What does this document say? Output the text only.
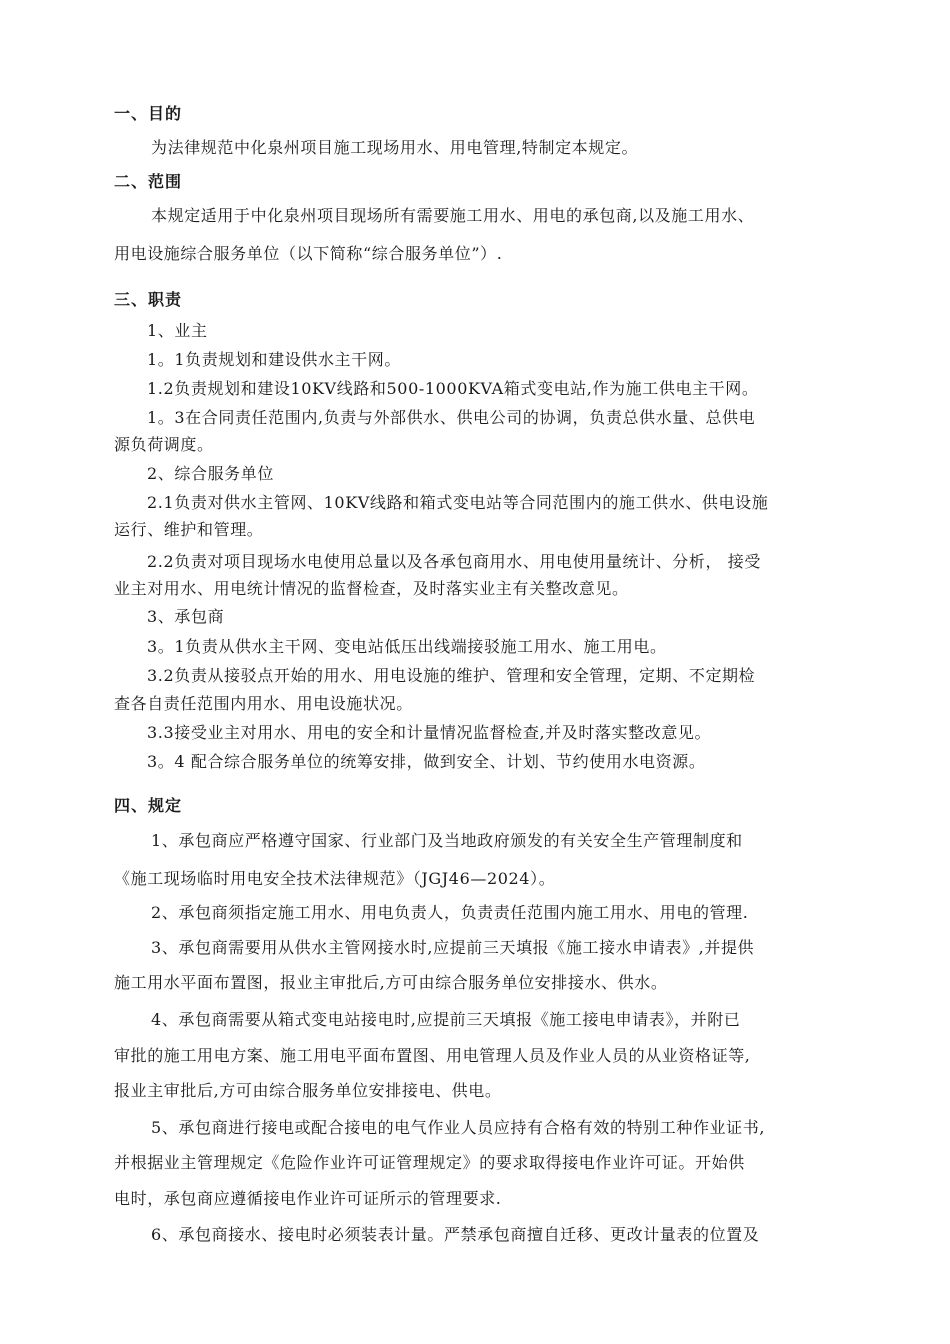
一、目的
为法律规范中化泉州项目施工现场用水、用电管理,特制定本规定。
二、范围
本规定适用于中化泉州项目现场所有需要施工用水、用电的承包商,以及施工用水、
用电设施综合服务单位（以下简称“综合服务单位”）.
三、职责
1、业主
1。1负责规划和建设供水主干网。
1.2负责规划和建设10KV线路和500-1000KVA箱式变电站,作为施工供电主干网。
1。3在合同责任范围内,负责与外部供水、供电公司的协调，负责总供水量、总供电
源负荷调度。
2、综合服务单位
2.1负责对供水主管网、10KV线路和箱式变电站等合同范围内的施工供水、供电设施
运行、维护和管理。
2.2负责对项目现场水电使用总量以及各承包商用水、用电使用量统计、分析， 接受
业主对用水、用电统计情况的监督检查，及时落实业主有关整改意见。
3、承包商
3。1负责从供水主干网、变电站低压出线端接驳施工用水、施工用电。
3.2负责从接驳点开始的用水、用电设施的维护、管理和安全管理，定期、不定期检
查各自责任范围内用水、用电设施状况。
3.3接受业主对用水、用电的安全和计量情况监督检查,并及时落实整改意见。
3。4 配合综合服务单位的统筹安排，做到安全、计划、节约使用水电资源。
四、规定
1、承包商应严格遵守国家、行业部门及当地政府颁发的有关安全生产管理制度和
《施工现场临时用电安全技术法律规范》（JGJ46—2024）。
2、承包商须指定施工用水、用电负责人，负责责任范围内施工用水、用电的管理.
3、承包商需要用从供水主管网接水时,应提前三天填报《施工接水申请表》,并提供
施工用水平面布置图，报业主审批后,方可由综合服务单位安排接水、供水。
4、承包商需要从箱式变电站接电时,应提前三天填报《施工接电申请表》，并附已
审批的施工用电方案、施工用电平面布置图、用电管理人员及作业人员的从业资格证等,
报业主审批后,方可由综合服务单位安排接电、供电。
5、承包商进行接电或配合接电的电气作业人员应持有合格有效的特别工种作业证书,
并根据业主管理规定《危险作业许可证管理规定》的要求取得接电作业许可证。开始供
电时，承包商应遵循接电作业许可证所示的管理要求.
6、承包商接水、接电时必须装表计量。严禁承包商擅自迁移、更改计量表的位置及
